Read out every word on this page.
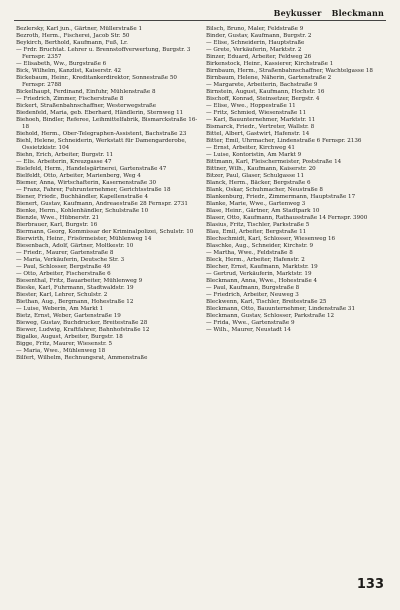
Beykusser Bleckmann

Bezlersky, Karl jun., Gärtner, Müllerstraße 1

Bezroth, Herm., Fischerei, Jacob Str. 50

Beykirch, Berthold, Kaufmann, Fuß, Lr.

— Frdr. Bruchtat. Lehrer u. Brennstoffverwertung, Burgstr. 3 Fernspr. 2357

— Elisabeth, Ww., Burgstraße 6

Bick, Wilhelm, Kanzlist, Kaiserstr. 42

Bickebaum, Heinr., Kreditankerdirektor, Sonnestraße 50 Fernspr. 2788

Bickelhaupt, Ferdinand, Einfuhr, Mühlenstraße 8

— Friedrich, Zimmer, Fischerstraße 8

Bickert, Straßenbahnschaffner, Westerwegstraße

Biedenfeld, Maria, geb. Eberhard, Händlerin, Sternweg 11

Biehoeh, Bindler, Referee, Leihmittelfabrik, Bismarckstraße 16-18

Biehold, Herm., Ober-Telegraphen-Assistent, Bachstraße 23

Biehl, Helene, Schneiderin, Werkstatt für Damengarderobe, Ossietzkistr. 104

Biehn, Erich, Arbeiter, Burgstr. 11

— Elis. Arbeiterin, Kreuzgasse 47

Bielefeld, Herm., Handelsgärtnerei, Gartenstraße 47

Bielfeldt, Otto, Arbeiter, Marienberg, Weg 4

Biemer, Anna, Wirtschafterin, Kasernenstraße 30

— Franz, Fahrer, Fuhrunternehmer, Gerichtsstraße 18

Biener, Friedr., Buchhändler, Kapellenstraße 4

Bienert, Gustav, Kaufmann, Andreaestraße 28 Fernspr. 2731

Bienke, Herm., Kohlenhändler, Schulstraße 10

Bienzle, Wwe., Hübnerstr. 21

Bierbrauer, Karl, Burgstr. 16

Biermann, Georg, Kommissar der Kriminalpolizei, Schulstr. 10

Bierwirth, Heinr., Frisörmeister, Mühlenweg 14

Biesenbach, Adolf, Gärtner, Moltkestr. 10

— Friedr., Maurer, Gartenstraße 8

— Maria, Verkäuferin, Deutsche Str. 3

— Paul, Schlosser, Bergstraße 49

— Otto, Arbeiter, Fischerstraße 6

Biesenthal, Fritz, Bauarbeiter, Mühlenweg 9

Bieske, Karl, Fuhrmann, Stadtwaldstr. 19

Biester, Karl, Lehrer, Schulstr. 2

Biethan, Aug., Bergmann, Hohestraße 12

— Luise, Weberin, Am Markt 1

Bietz, Ernst, Weber, Gartenstraße 19

Bieweg, Gustav, Buchdrucker, Breitestraße 28

Biewer, Ludwig, Kraftfahrer, Bahnhofstraße 12

Bigalke, August, Arbeiter, Burgstr. 18

Bigge, Fritz, Maurer, Wiesenstr. 5

— Maria, Wwe., Mühlenweg 18

Bilfert, Wilhelm, Rechnungsrat, Ammenstraße

Bilsch, Bruno, Maler, Feldstraße 9

Binder, Gustav, Kaufmann, Burgstr. 2

— Elise, Schneiderin, Hauptstraße

— Grete, Verkäuferin, Marktstr. 2

Binzer, Eduard, Arbeiter, Feldweg 26

Birkenstock, Heinr., Kassierer, Kirchstraße 1

Birnbaum, Herm., Straßenbahnschaffner, Wachtelgasse 18

Birnbaum, Helene, Näherin, Gartenstraße 2

— Margarete, Arbeiterin, Bachstraße 9

Birnstein, August, Kaufmann, Hochstr. 16

Bischoff, Konrad, Steinsetzer, Bergstr. 4

— Elise, Wwe., Hoppestraße 11

— Fritz, Schmied, Wiesenstraße 11

— Karl, Bauunternehmer, Marktstr. 11

Bismarck, Friedr., Vertreter, Wallstr. 8

Bittel, Albert, Gastwirt, Hafenstr. 14

Bitter, Emil, Uhrmacher, Lindenstraße 6 Fernspr. 2136

— Ernst, Arbeiter, Kirchweg 41

— Luise, Kontoristin, Am Markt 9

Bittmann, Karl, Fleischermeister, Poststraße 14

Bittner, Wilh., Kaufmann, Kaiserstr. 20

Bitzer, Paul, Glaser, Schulgasse 11

Blanck, Herm., Bäcker, Bergstraße 6

Blank, Oskar, Schuhmacher, Neustraße 8

Blankenburg, Friedr., Zimmermann, Hauptstraße 17

Blanke, Marie, Wwe., Gartenweg 3

Blase, Heinr., Gärtner, Am Stadtpark 10

Blaser, Otto, Kaufmann, Rathausstraße 14 Fernspr. 3900

Blasius, Fritz, Tischler, Parkstraße 5

Blau, Emil, Arbeiter, Bergstraße 11

Blechschmidt, Karl, Schlosser, Wiesenweg 16

Blaschke, Aug., Schneider, Kirchstr. 9

— Martha, Wwe., Feldstraße 8

Bleck, Herm., Arbeiter, Hafenstr. 2

Blecher, Ernst, Kaufmann, Marktstr. 19

— Gertrud, Verkäuferin, Marktstr. 19

Bleckmann, Anna, Wwe., Hohestraße 4

— Paul, Kaufmann, Burgstraße 8

— Friedrich, Arbeiter, Neuweg 3

Bleckwenn, Karl, Tischler, Breitestraße 25

Bleckmann, Otto, Bauunternehmer, Lindenstraße 31

Bleckmann, Gustav, Schlosser, Parkstraße 12

— Frida, Wwe., Gartenstraße 9

— Wilh., Maurer, Neustadt 14

133
